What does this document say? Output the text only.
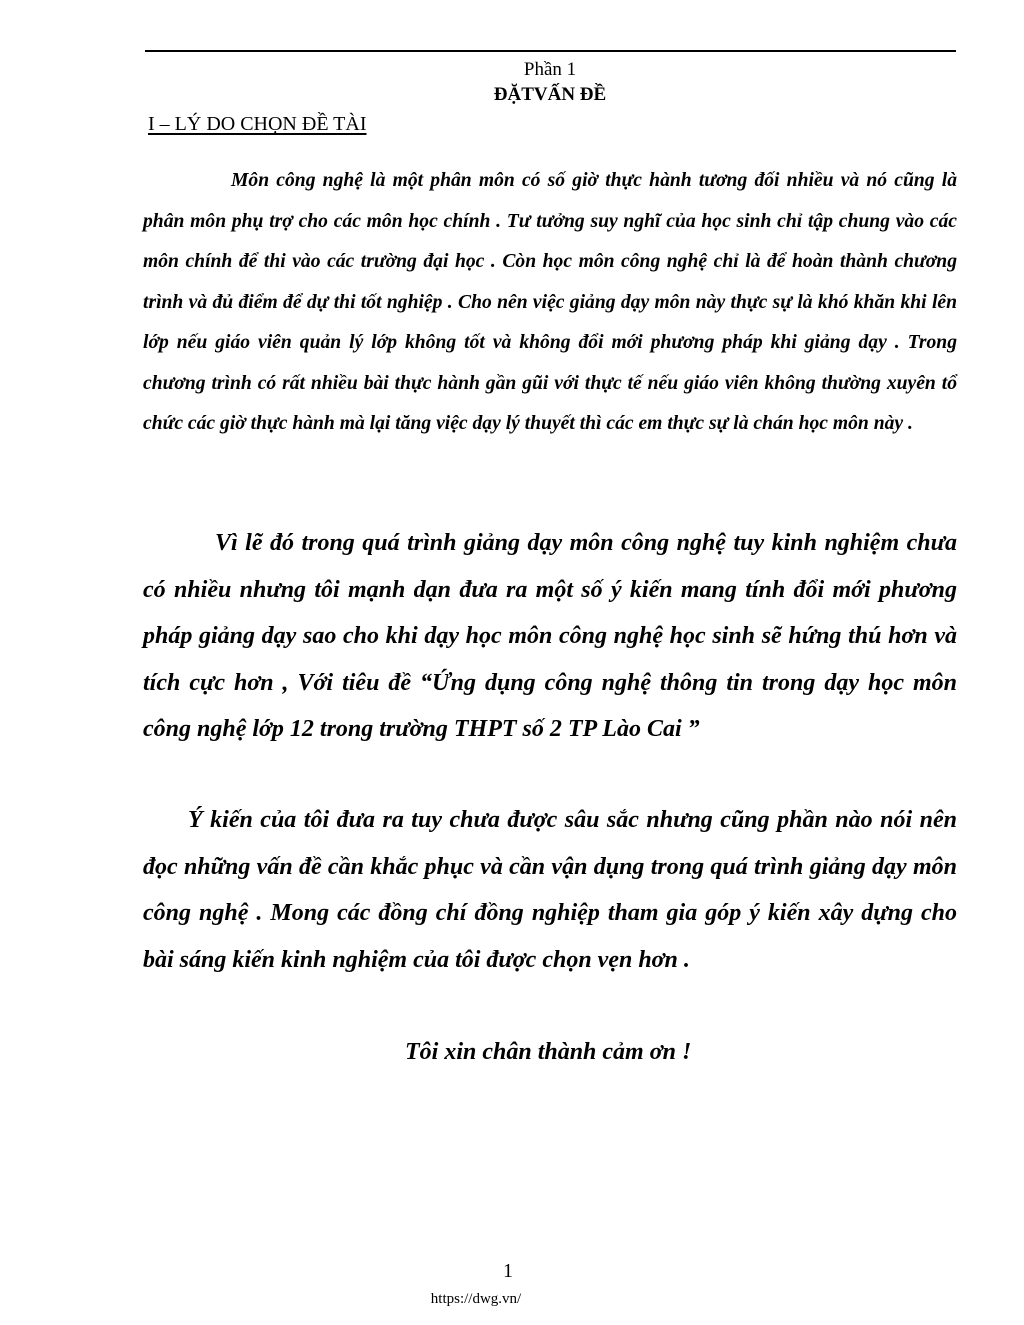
Phần 1
ĐẶTVẤN ĐỀ
I – LÝ DO CHỌN ĐỀ TÀI

Môn công nghệ là một phân môn có số giờ thực hành tương đối nhiều và nó cũng là phân môn phụ trợ cho các môn học chính . Tư tưởng suy nghĩ của học sinh chỉ tập chung vào các môn chính để thi vào các trường đại học . Còn học môn công nghệ chỉ là để hoàn thành chương trình và đủ điểm để dự thi tốt nghiệp . Cho nên việc giảng dạy môn này thực sự là khó khăn khi lên lớp nếu giáo viên quản lý lớp không tốt và không đổi mới phương pháp khi giảng dạy . Trong chương trình có rất nhiều bài thực hành gần gũi với thực tế nếu giáo viên không thường xuyên tổ chức các giờ thực hành mà lại tăng việc dạy lý thuyết thì các em thực sự là chán học môn này .

Vì lẽ đó trong quá trình giảng dạy môn công nghệ tuy kinh nghiệm chưa có nhiều nhưng tôi mạnh dạn đưa ra một số ý kiến mang tính đổi mới phương pháp giảng dạy sao cho khi dạy học môn công nghệ học sinh sẽ hứng thú hơn và tích cực hơn , Với tiêu đề “Ứng dụng công nghệ thông tin trong dạy học môn công nghệ lớp 12 trong trường THPT số 2 TP Lào Cai ”

Ý kiến của tôi đưa ra tuy chưa được sâu sắc nhưng cũng phần nào nói nên đọc những vấn đề cần khắc phục và cần vận dụng trong quá trình giảng dạy môn công nghệ . Mong các đồng chí đồng nghiệp tham gia góp ý kiến xây dựng cho bài sáng kiến kinh nghiệm của tôi được chọn vẹn hơn .

Tôi xin chân thành cảm ơn !
1
https://dwg.vn/
